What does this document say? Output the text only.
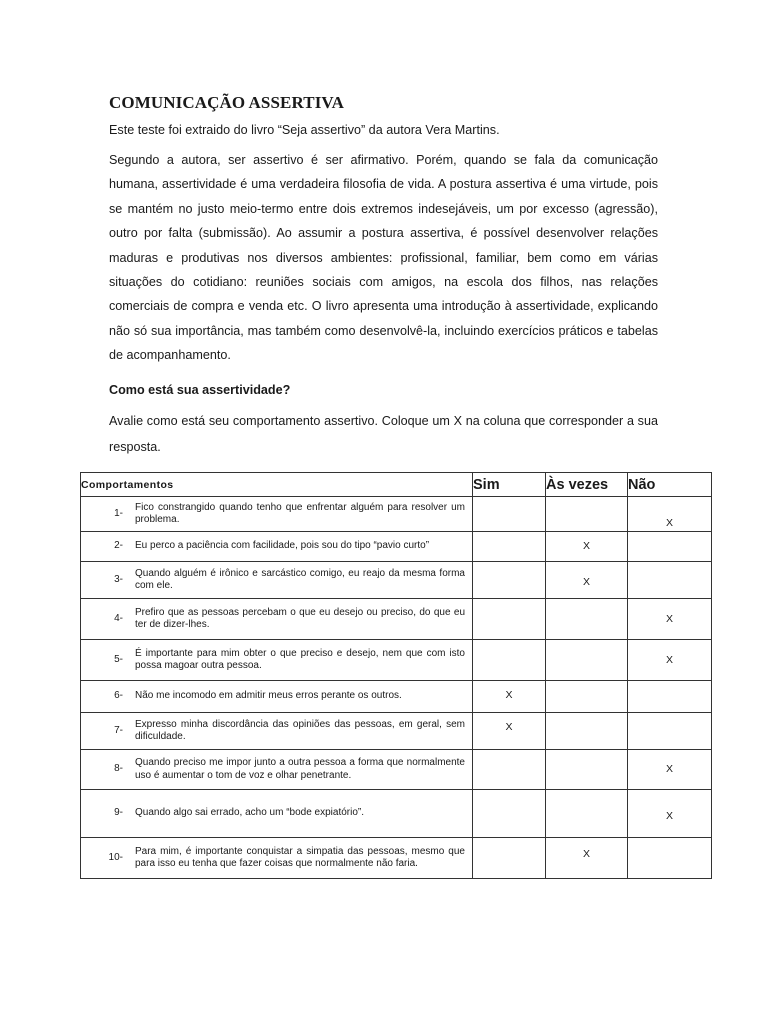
COMUNICAÇÃO ASSERTIVA

Este teste foi extraido do livro “Seja assertivo” da autora Vera Martins.

Segundo a autora, ser assertivo é ser afirmativo. Porém, quando se fala da comunicação humana, assertividade é uma verdadeira filosofia de vida. A postura assertiva é uma virtude, pois se mantém no justo meio-termo entre dois extremos indesejáveis, um por excesso (agressão), outro por falta (submissão). Ao assumir a postura assertiva, é possível desenvolver relações maduras e produtivas nos diversos ambientes: profissional, familiar, bem como em várias situações do cotidiano: reuniões sociais com amigos, na escola dos filhos, nas relações comerciais de compra e venda etc. O livro apresenta uma introdução à assertividade, explicando não só sua importância, mas também como desenvolvê-la, incluindo exercícios práticos e tabelas de acompanhamento.

Como está sua assertividade?

Avalie como está seu comportamento assertivo. Coloque um X na coluna que corresponder a sua resposta.

Comportamentos	Sim	Às vezes	Não

1-
Fico constrangido quando tenho que enfrentar alguém para resolver um problema.			X

2- Eu perco a paciência com facilidade, pois sou do tipo “pavio curto”		X	

3-
Quando alguém é irônico e sarcástico comigo, eu reajo da mesma forma com ele.		X	

4-
Prefiro que as pessoas percebam o que eu desejo ou preciso, do que eu ter de dizer-lhes.			X

5-
É importante para mim obter o que preciso e desejo, nem que com isto possa magoar outra pessoa.			X

6- Não me incomodo em admitir meus erros perante os outros.	X		

7-
Expresso minha discordância das opiniões das pessoas, em geral, sem dificuldade.	X		

8-
Quando preciso me impor junto a outra pessoa a forma que normalmente uso é aumentar o tom de voz e olhar penetrante.			X

9- Quando algo sai errado, acho um “bode expiatório”.			X

10-
Para mim, é importante conquistar a simpatia das pessoas, mesmo que para isso eu tenha que fazer coisas que normalmente não faria.		X	
